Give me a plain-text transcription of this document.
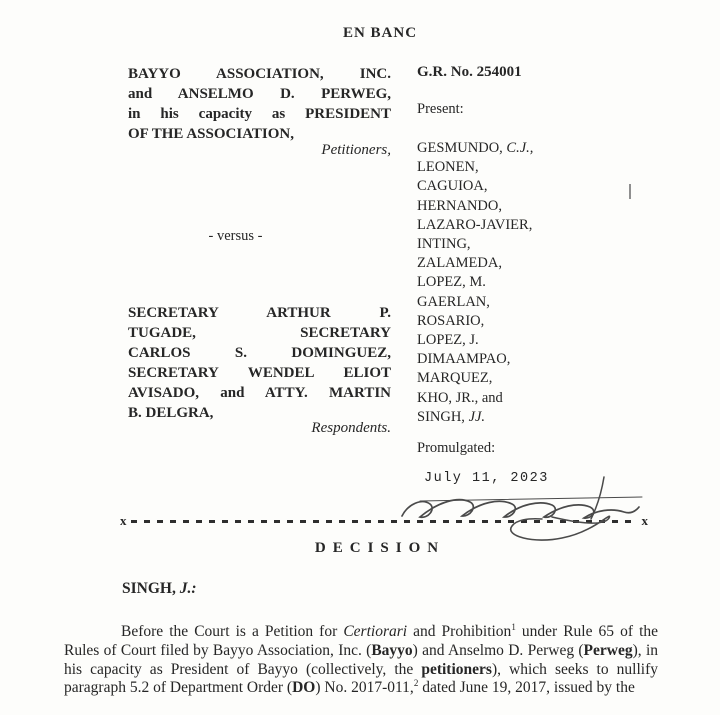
EN BANC
BAYYO ASSOCIATION, INC.
and ANSELMO D. PERWEG,
in his capacity as PRESIDENT
OF THE ASSOCIATION,
Petitioners,
- versus -
SECRETARY ARTHUR P.
TUGADE, SECRETARY
CARLOS S. DOMINGUEZ,
SECRETARY WENDEL ELIOT
AVISADO, and ATTY. MARTIN
B. DELGRA,
Respondents.
G.R. No. 254001
Present:
GESMUNDO, C.J.,
LEONEN,
CAGUIOA,
HERNANDO,
LAZARO-JAVIER,
INTING,
ZALAMEDA,
LOPEZ, M.
GAERLAN,
ROSARIO,
LOPEZ, J.
DIMAAMPAO,
MARQUEZ,
KHO, JR., and
SINGH, JJ.
Promulgated:
July 11, 2023
x	x
DECISION
SINGH, J.:

Before the Court is a Petition for Certiorari and Prohibition$^1$ under Rule 65 of the Rules of Court filed by Bayyo Association, Inc. (Bayyo) and Anselmo D. Perweg (Perweg), in his capacity as President of Bayyo (collectively, the petitioners), which seeks to nullify paragraph 5.2 of Department Order (DO) No. 2017-011,$^2$ dated June 19, 2017, issued by the
